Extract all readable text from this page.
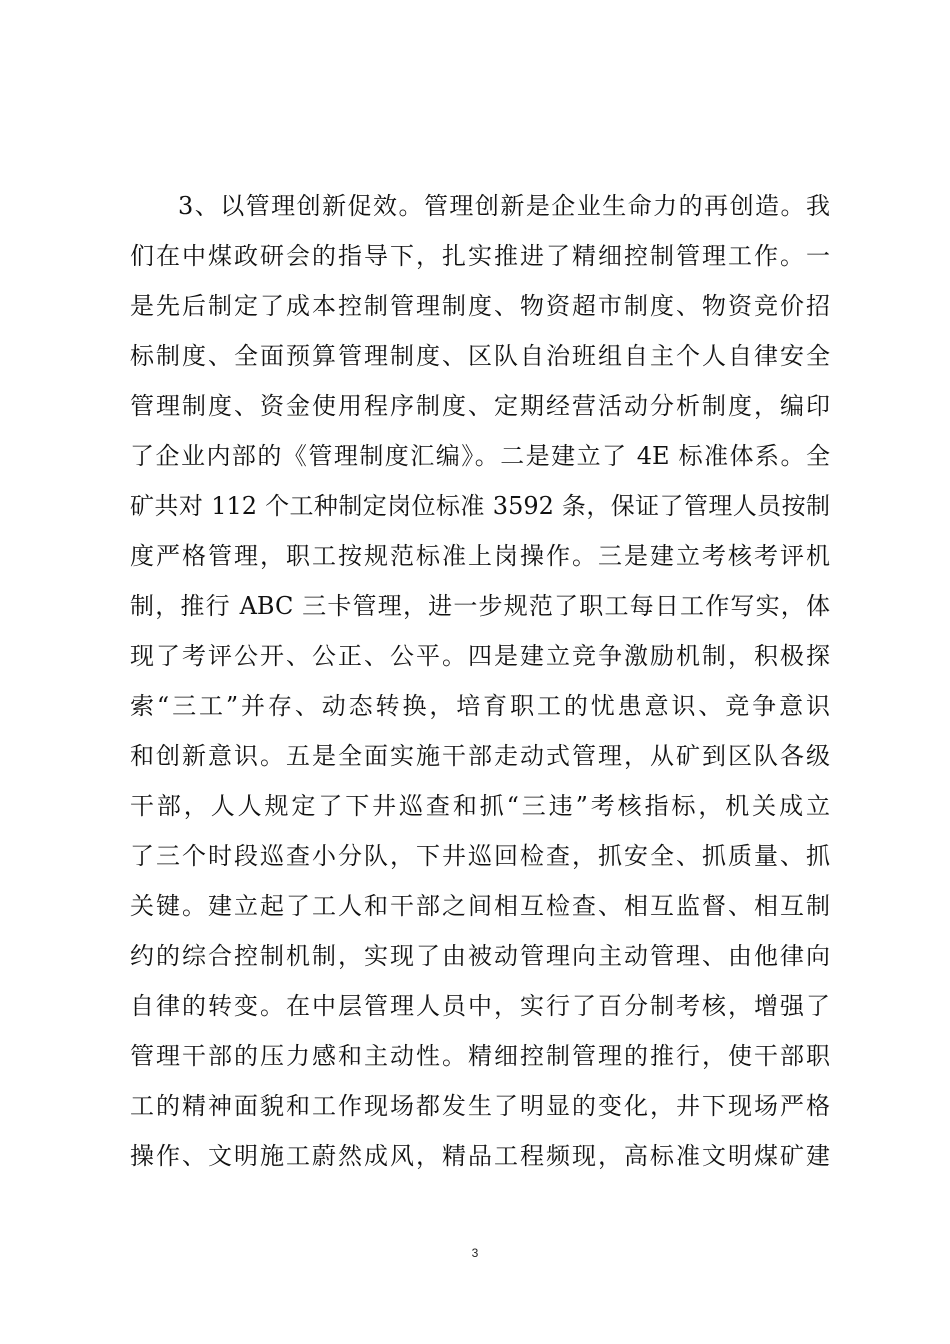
3、以管理创新促效。管理创新是企业生命力的再创造。我
们在中煤政研会的指导下，扎实推进了精细控制管理工作。一
是先后制定了成本控制管理制度、物资超市制度、物资竞价招
标制度、全面预算管理制度、区队自治班组自主个人自律安全
管理制度、资金使用程序制度、定期经营活动分析制度，编印
了企业内部的《管理制度汇编》。二是建立了 4E 标准体系。全
矿共对 112 个工种制定岗位标准 3592 条，保证了管理人员按制
度严格管理，职工按规范标准上岗操作。三是建立考核考评机
制，推行 ABC 三卡管理，进一步规范了职工每日工作写实，体
现了考评公开、公正、公平。四是建立竞争激励机制，积极探
索“三工”并存、动态转换，培育职工的忧患意识、竞争意识
和创新意识。五是全面实施干部走动式管理，从矿到区队各级
干部，人人规定了下井巡查和抓“三违”考核指标，机关成立
了三个时段巡查小分队，下井巡回检查，抓安全、抓质量、抓
关键。建立起了工人和干部之间相互检查、相互监督、相互制
约的综合控制机制，实现了由被动管理向主动管理、由他律向
自律的转变。在中层管理人员中，实行了百分制考核，增强了
管理干部的压力感和主动性。精细控制管理的推行，使干部职
工的精神面貌和工作现场都发生了明显的变化，井下现场严格
操作、文明施工蔚然成风，精品工程频现，高标准文明煤矿建
3
